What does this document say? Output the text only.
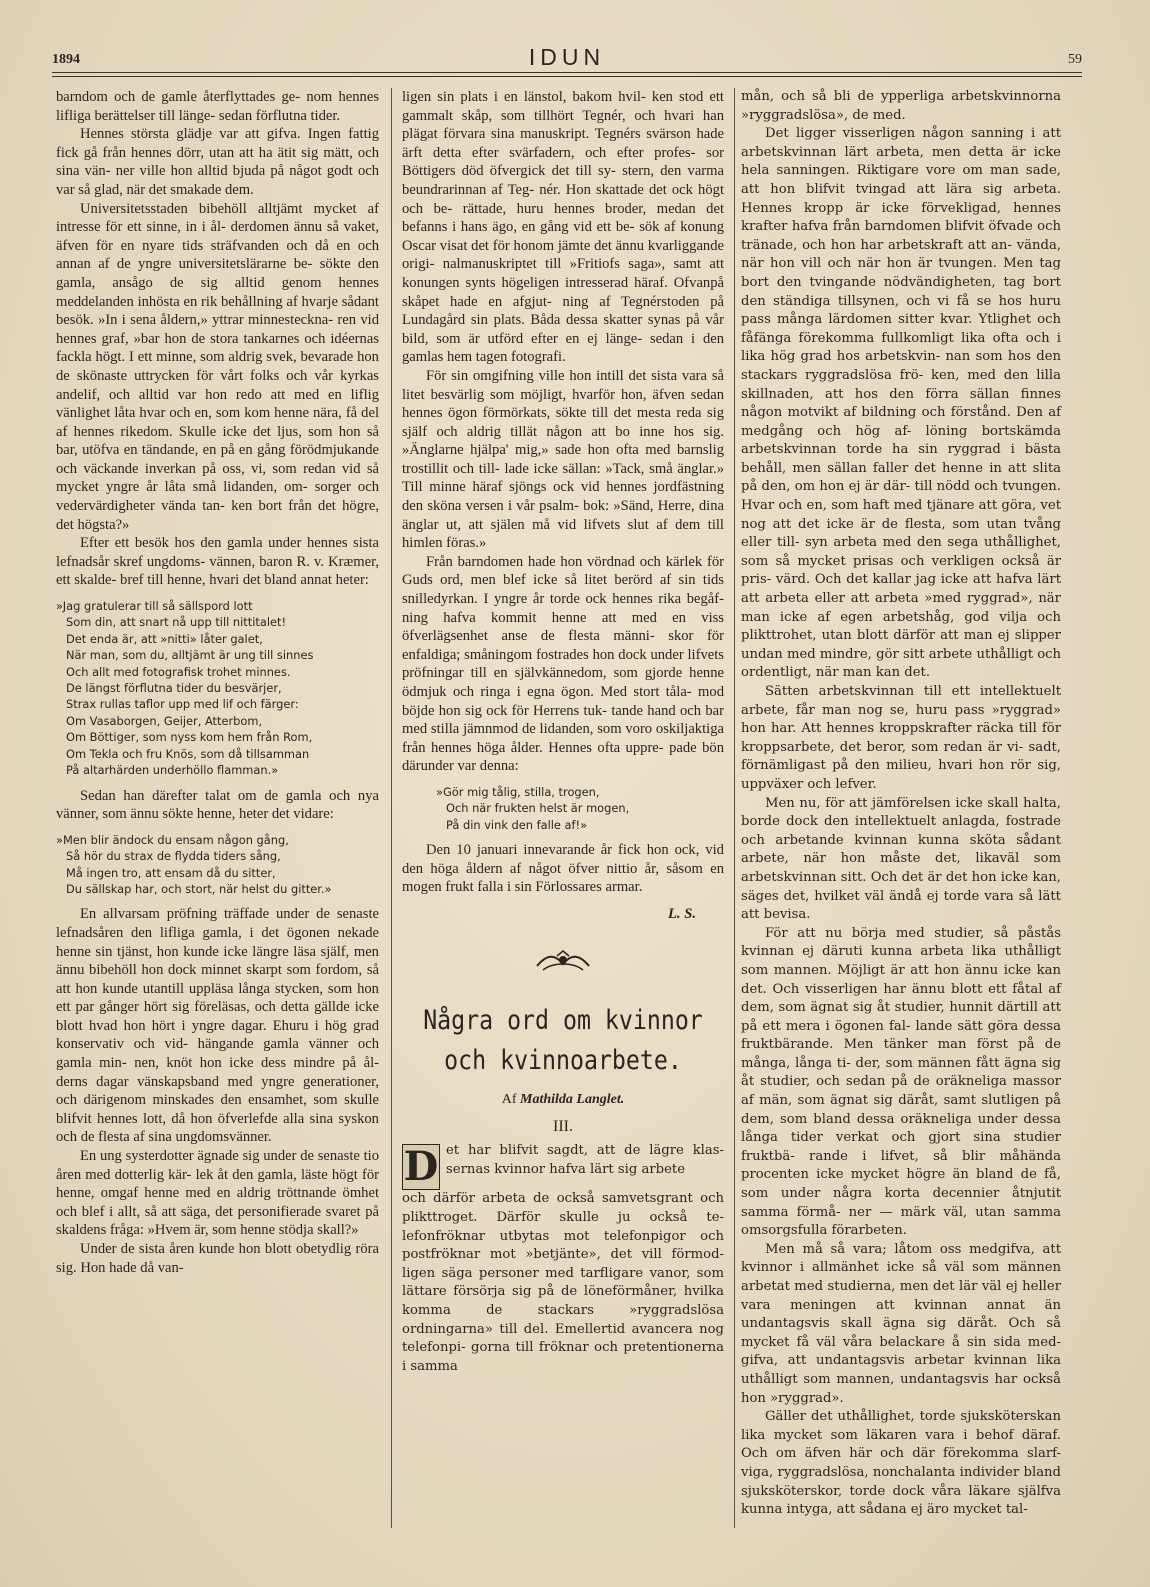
1894	IDUN	59
barndom och de gamle återflyttades ge- nom hennes lifliga berättelser till länge- sedan förflutna tider.
Hennes största glädje var att gifva. Ingen fattig fick gå från hennes dörr, utan att ha ätit sig mätt, och sina vän- ner ville hon alltid bjuda på något godt och var så glad, när det smakade dem.
Universitetsstaden bibehöll alltjämt mycket af intresse för ett sinne, in i ål- derdomen ännu så vaket, äfven för en nyare tids sträfvanden och då en och annan af de yngre universitetslärarne be- sökte den gamla, ansågo de sig alltid genom hennes meddelanden inhösta en rik behållning af hvarje sådant besök. »In i sena åldern,» yttrar minnesteckna- ren vid hennes graf, »bar hon de stora tankarnes och idéernas fackla högt. I ett minne, som aldrig svek, bevarade hon de skönaste uttrycken för vårt folks och vår kyrkas andelif, och alltid var hon redo att med en liflig vänlighet låta hvar och en, som kom henne nära, få del af hennes rikedom. Skulle icke det ljus, som hon så bar, utöfva en tändande, en på en gång förödmjukande och väckande inverkan på oss, vi, som redan vid så mycket yngre år låta små lidanden, om- sorger och vedervärdigheter vända tan- ken bort från det högre, det högsta?»
Efter ett besök hos den gamla under hennes sista lefnadsår skref ungdoms- vännen, baron R. v. Kræmer, ett skalde- bref till henne, hvari det bland annat heter:
»Jag gratulerar till så sällspord lott
Som din, att snart nå upp till nittitalet!
Det enda är, att »nitti» låter galet,
När man, som du, alltjämt är ung till sinnes
Och allt med fotografisk trohet minnes.
De längst förflutna tider du besvärjer,
Strax rullas taflor upp med lif och färger:
Om Vasaborgen, Geijer, Atterbom,
Om Böttiger, som nyss kom hem från Rom,
Om Tekla och fru Knös, som då tillsamman
På altarhärden underhöllo flamman.»
Sedan han därefter talat om de gamla och nya vänner, som ännu sökte henne, heter det vidare:
»Men blir ändock du ensam någon gång,
Så hör du strax de flydda tiders sång,
Må ingen tro, att ensam då du sitter,
Du sällskap har, och stort, när helst du gitter.»
En allvarsam pröfning träffade under de senaste lefnadsåren den lifliga gamla, i det ögonen nekade henne sin tjänst, hon kunde icke längre läsa själf, men ännu bibehöll hon dock minnet skarpt som fordom, så att hon kunde utantill uppläsa långa stycken, som hon ett par gånger hört sig föreläsas, och detta gällde icke blott hvad hon hört i yngre dagar. Ehuru i hög grad konservativ och vid- hängande gamla vänner och gamla min- nen, knöt hon icke dess mindre på ål- derns dagar vänskapsband med yngre generationer, och därigenom minskades den ensamhet, som skulle blifvit hennes lott, då hon öfverlefde alla sina syskon och de flesta af sina ungdomsvänner.
En ung systerdotter ägnade sig under de senaste tio åren med dotterlig kär- lek åt den gamla, läste högt för henne, omgaf henne med en aldrig tröttnande ömhet och blef i allt, så att säga, det personifierade svaret på skaldens fråga: »Hvem är, som henne stödja skall?»
Under de sista åren kunde hon blott obetydlig röra sig. Hon hade då van-
ligen sin plats i en länstol, bakom hvil- ken stod ett gammalt skåp, som tillhört Tegnér, och hvari han plägat förvara sina manuskript. Tegnérs svärson hade ärft detta efter svärfadern, och efter profes- sor Böttigers död öfvergick det till sy- stern, den varma beundrarinnan af Teg- nér. Hon skattade det ock högt och be- rättade, huru hennes broder, medan det befanns i hans ägo, en gång vid ett be- sök af konung Oscar visat det för honom jämte det ännu kvarliggande origi- nalmanuskriptet till »Fritiofs saga», samt att konungen synts högeligen intresserad häraf. Ofvanpå skåpet hade en afgjut- ning af Tegnérstoden på Lundagård sin plats. Båda dessa skatter synas på vår bild, som är utförd efter en ej länge- sedan i den gamlas hem tagen fotografi.
För sin omgifning ville hon intill det sista vara så litet besvärlig som möjligt, hvarför hon, äfven sedan hennes ögon förmörkats, sökte till det mesta reda sig själf och aldrig tillät någon att bo inne hos sig. »Änglarne hjälpa' mig,» sade hon ofta med barnslig trostillit och till- lade icke sällan: »Tack, små änglar.» Till minne häraf sjöngs ock vid hennes jordfästning den sköna versen i vår psalm- bok: »Sänd, Herre, dina änglar ut, att själen må vid lifvets slut af dem till himlen föras.»
Från barndomen hade hon vördnad och kärlek för Guds ord, men blef icke så litet berörd af sin tids snilledyrkan. I yngre år torde ock hennes rika begåf- ning hafva kommit henne att med en viss öfverlägsenhet anse de flesta männi- skor för enfaldiga; småningom fostrades hon dock under lifvets pröfningar till en självkännedom, som gjorde henne ödmjuk och ringa i egna ögon. Med stort tåla- mod böjde hon sig ock för Herrens tuk- tande hand och bar med stilla jämnmod de lidanden, som voro oskiljaktiga från hennes höga ålder. Hennes ofta uppre- pade bön därunder var denna:
»Gör mig tålig, stilla, trogen,
Och när frukten helst är mogen,
På din vink den falle af!»
Den 10 januari innevarande år fick hon ock, vid den höga åldern af något öfver nittio år, såsom en mogen frukt falla i sin Förlossares armar.
L. S.
Några ord om kvinnor och kvinnoarbete.
Af Mathilda Langlet.
III.
D et har blifvit sagdt, att de lägre klas- sernas kvinnor hafva lärt sig arbete
och därför arbeta de också samvetsgrant och plikttroget. Därför skulle ju också te- lefonfröknar utbytas mot telefonpigor och postfröknar mot »betjänte», det vill förmod- ligen säga personer med tarfligare vanor, som lättare försörja sig på de löneförmåner, hvilka komma de stackars »ryggradslösa ordningarna» till del. Emellertid avancera nog telefonpi- gorna till fröknar och pretentionerna i samma
mån, och så bli de ypperliga arbetskvinnorna »ryggradslösa», de med.
Det ligger visserligen någon sanning i att arbetskvinnan lärt arbeta, men detta är icke hela sanningen. Riktigare vore om man sade, att hon blifvit tvingad att lära sig arbeta. Hennes kropp är icke förvekligad, hennes krafter hafva från barndomen blifvit öfvade och tränade, och hon har arbetskraft att an- vända, när hon vill och när hon är tvungen. Men tag bort den tvingande nödvändigheten, tag bort den ständiga tillsynen, och vi få se hos huru pass många lärdomen sitter kvar. Ytlighet och fåfänga förekomma fullkomligt lika ofta och i lika hög grad hos arbetskvin- nan som hos den stackars ryggradslösa frö- ken, med den lilla skillnaden, att hos den förra sällan finnes någon motvikt af bildning och förstånd. Den af medgång och hög af- löning bortskämda arbetskvinnan torde ha sin ryggrad i bästa behåll, men sällan faller det henne in att slita på den, om hon ej är där- till nödd och tvungen. Hvar och en, som haft med tjänare att göra, vet nog att det icke är de flesta, som utan tvång eller till- syn arbeta med den sega uthållighet, som så mycket prisas och verkligen också är pris- värd. Och det kallar jag icke att hafva lärt att arbeta eller att arbeta »med ryggrad», när man icke af egen arbetshåg, god vilja och plikttrohet, utan blott därför att man ej slipper undan med mindre, gör sitt arbete uthålligt och ordentligt, när man kan det.
Sätten arbetskvinnan till ett intellektuelt arbete, får man nog se, huru pass »ryggrad» hon har. Att hennes kroppskrafter räcka till för kroppsarbete, det beror, som redan är vi- sadt, förnämligast på den milieu, hvari hon rör sig, uppväxer och lefver.
Men nu, för att jämförelsen icke skall halta, borde dock den intellektuelt anlagda, fostrade och arbetande kvinnan kunna sköta sådant arbete, när hon måste det, likaväl som arbetskvinnan sitt. Och det är det hon icke kan, säges det, hvilket väl ändå ej torde vara så lätt att bevisa.
För att nu börja med studier, så påstås kvinnan ej däruti kunna arbeta lika uthålligt som mannen. Möjligt är att hon ännu icke kan det. Och visserligen har ännu blott ett fåtal af dem, som ägnat sig åt studier, hunnit därtill att på ett mera i ögonen fal- lande sätt göra dessa fruktbärande. Men tänker man först på de många, långa ti- der, som männen fått ägna sig åt studier, och sedan på de oräkneliga massor af män, som ägnat sig däråt, samt slutligen på dem, som bland dessa oräkneliga under dessa långa tider verkat och gjort sina studier fruktbä- rande i lifvet, så blir måhända procenten icke mycket högre än bland de få, som under några korta decennier åtnjutit samma förmå- ner — märk väl, utan samma omsorgsfulla förarbeten.
Men må så vara; låtom oss medgifva, att kvinnor i allmänhet icke så väl som männen arbetat med studierna, men det lär väl ej heller vara meningen att kvinnan annat än undantagsvis skall ägna sig däråt. Och så mycket få väl våra belackare å sin sida med- gifva, att undantagsvis arbetar kvinnan lika uthålligt som mannen, undantagsvis har också hon »ryggrad».
Gäller det uthållighet, torde sjuksköterskan lika mycket som läkaren vara i behof däraf. Och om äfven här och där förekomma slarf- viga, ryggradslösa, nonchalanta individer bland sjuksköterskor, torde dock våra läkare själfva kunna intyga, att sådana ej äro mycket tal-
